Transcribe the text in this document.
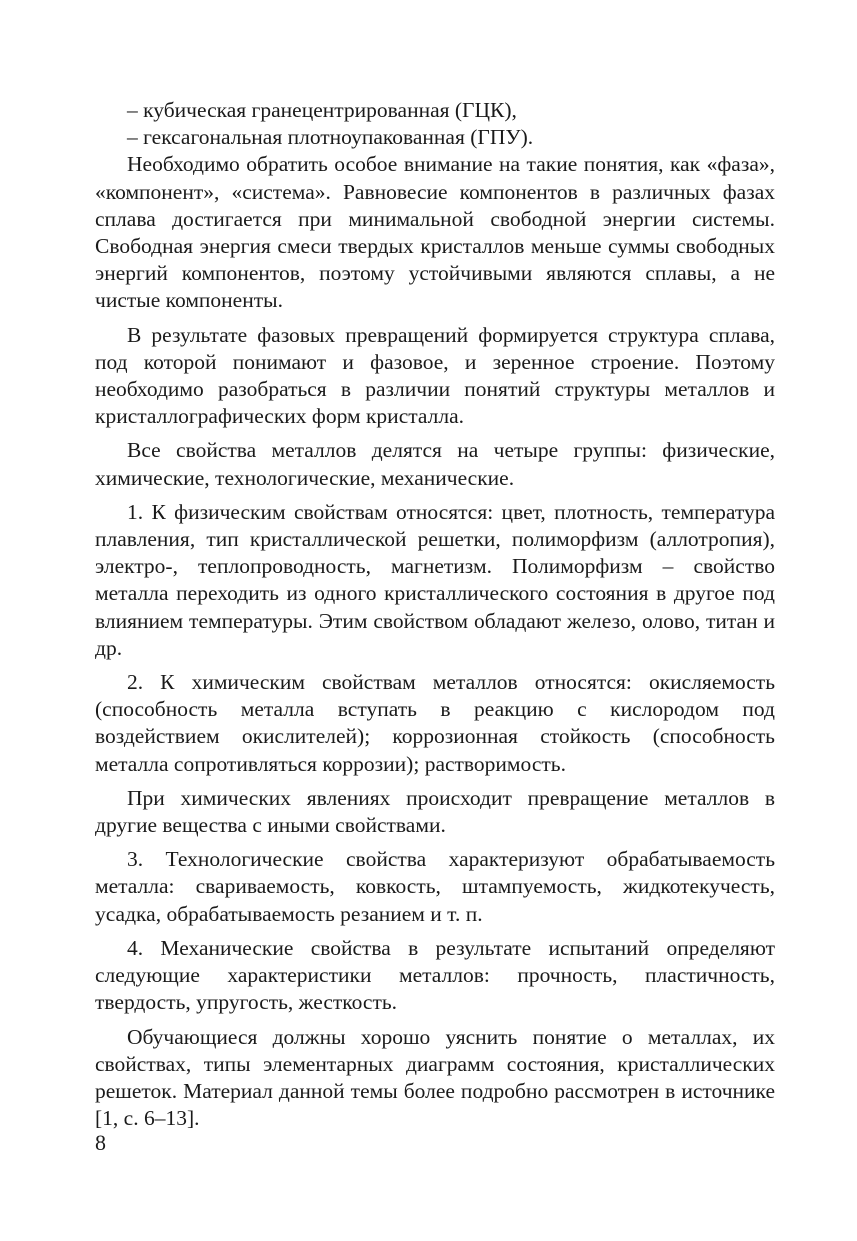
– кубическая гранецентрированная (ГЦК),

– гексагональная плотноупакованная (ГПУ).

Необходимо обратить особое внимание на такие понятия, как «фаза», «компонент», «система». Равновесие компонентов в различных фазах сплава достигается при минимальной свободной энергии системы. Свободная энергия смеси твердых кристаллов меньше суммы свободных энергий компонентов, поэтому устойчивыми являются сплавы, а не чистые компоненты.

В результате фазовых превращений формируется структура сплава, под которой понимают и фазовое, и зеренное строение. Поэтому необходимо разобраться в различии понятий структуры металлов и кристаллографических форм кристалла.

Все свойства металлов делятся на четыре группы: физические, химические, технологические, механические.

1. К физическим свойствам относятся: цвет, плотность, температура плавления, тип кристаллической решетки, полиморфизм (аллотропия), электро-, теплопроводность, магнетизм. Полиморфизм – свойство металла переходить из одного кристаллического состояния в другое под влиянием температуры. Этим свойством обладают железо, олово, титан и др.

2. К химическим свойствам металлов относятся: окисляемость (способность металла вступать в реакцию с кислородом под воздействием окислителей); коррозионная стойкость (способность металла сопротивляться коррозии); растворимость.

При химических явлениях происходит превращение металлов в другие вещества с иными свойствами.

3. Технологические свойства характеризуют обрабатываемость металла: свариваемость, ковкость, штампуемость, жидкотекучесть, усадка, обрабатываемость резанием и т. п.

4. Механические свойства в результате испытаний определяют следующие характеристики металлов: прочность, пластичность, твердость, упругость, жесткость.

Обучающиеся должны хорошо уяснить понятие о металлах, их свойствах, типы элементарных диаграмм состояния, кристаллических решеток. Материал данной темы более подробно рассмотрен в источнике [1, с. 6–13].

8
